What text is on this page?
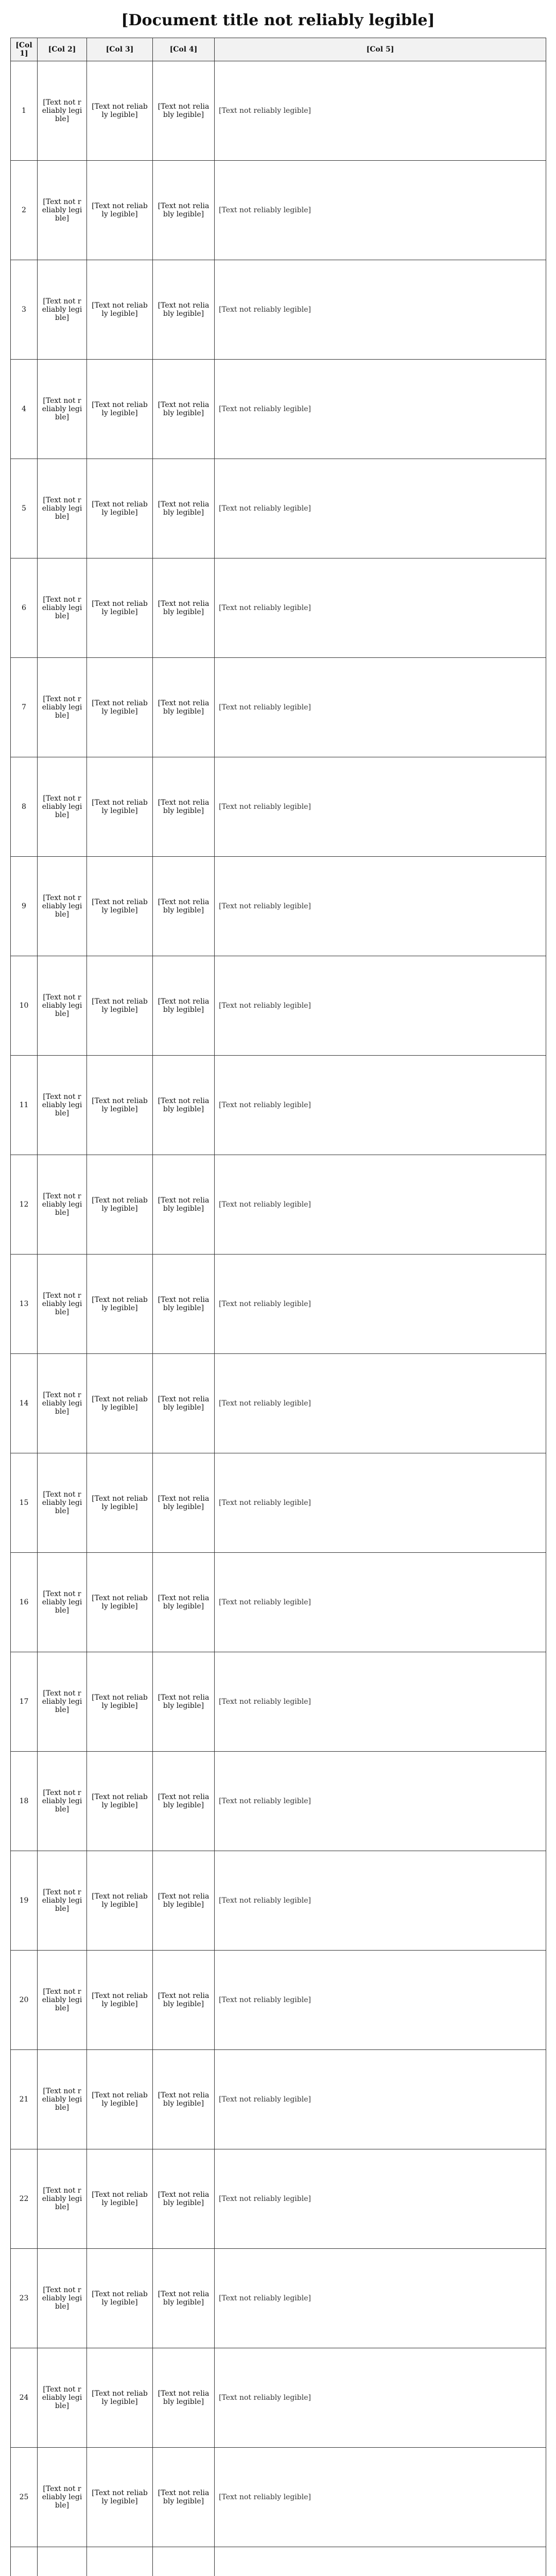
[Document title not reliably legible]
[Col 1]	[Col 2]	[Col 3]	[Col 4]	[Col 5]
1	[Text not reliably legible]	[Text not reliably legible]	[Text not reliably legible]	[Text not reliably legible]
2	[Text not reliably legible]	[Text not reliably legible]	[Text not reliably legible]	[Text not reliably legible]
3	[Text not reliably legible]	[Text not reliably legible]	[Text not reliably legible]	[Text not reliably legible]
4	[Text not reliably legible]	[Text not reliably legible]	[Text not reliably legible]	[Text not reliably legible]
5	[Text not reliably legible]	[Text not reliably legible]	[Text not reliably legible]	[Text not reliably legible]
6	[Text not reliably legible]	[Text not reliably legible]	[Text not reliably legible]	[Text not reliably legible]
7	[Text not reliably legible]	[Text not reliably legible]	[Text not reliably legible]	[Text not reliably legible]
8	[Text not reliably legible]	[Text not reliably legible]	[Text not reliably legible]	[Text not reliably legible]
9	[Text not reliably legible]	[Text not reliably legible]	[Text not reliably legible]	[Text not reliably legible]
10	[Text not reliably legible]	[Text not reliably legible]	[Text not reliably legible]	[Text not reliably legible]
11	[Text not reliably legible]	[Text not reliably legible]	[Text not reliably legible]	[Text not reliably legible]
12	[Text not reliably legible]	[Text not reliably legible]	[Text not reliably legible]	[Text not reliably legible]
13	[Text not reliably legible]	[Text not reliably legible]	[Text not reliably legible]	[Text not reliably legible]
14	[Text not reliably legible]	[Text not reliably legible]	[Text not reliably legible]	[Text not reliably legible]
15	[Text not reliably legible]	[Text not reliably legible]	[Text not reliably legible]	[Text not reliably legible]
16	[Text not reliably legible]	[Text not reliably legible]	[Text not reliably legible]	[Text not reliably legible]
17	[Text not reliably legible]	[Text not reliably legible]	[Text not reliably legible]	[Text not reliably legible]
18	[Text not reliably legible]	[Text not reliably legible]	[Text not reliably legible]	[Text not reliably legible]
19	[Text not reliably legible]	[Text not reliably legible]	[Text not reliably legible]	[Text not reliably legible]
20	[Text not reliably legible]	[Text not reliably legible]	[Text not reliably legible]	[Text not reliably legible]
21	[Text not reliably legible]	[Text not reliably legible]	[Text not reliably legible]	[Text not reliably legible]
22	[Text not reliably legible]	[Text not reliably legible]	[Text not reliably legible]	[Text not reliably legible]
23	[Text not reliably legible]	[Text not reliably legible]	[Text not reliably legible]	[Text not reliably legible]
24	[Text not reliably legible]	[Text not reliably legible]	[Text not reliably legible]	[Text not reliably legible]
25	[Text not reliably legible]	[Text not reliably legible]	[Text not reliably legible]	[Text not reliably legible]
